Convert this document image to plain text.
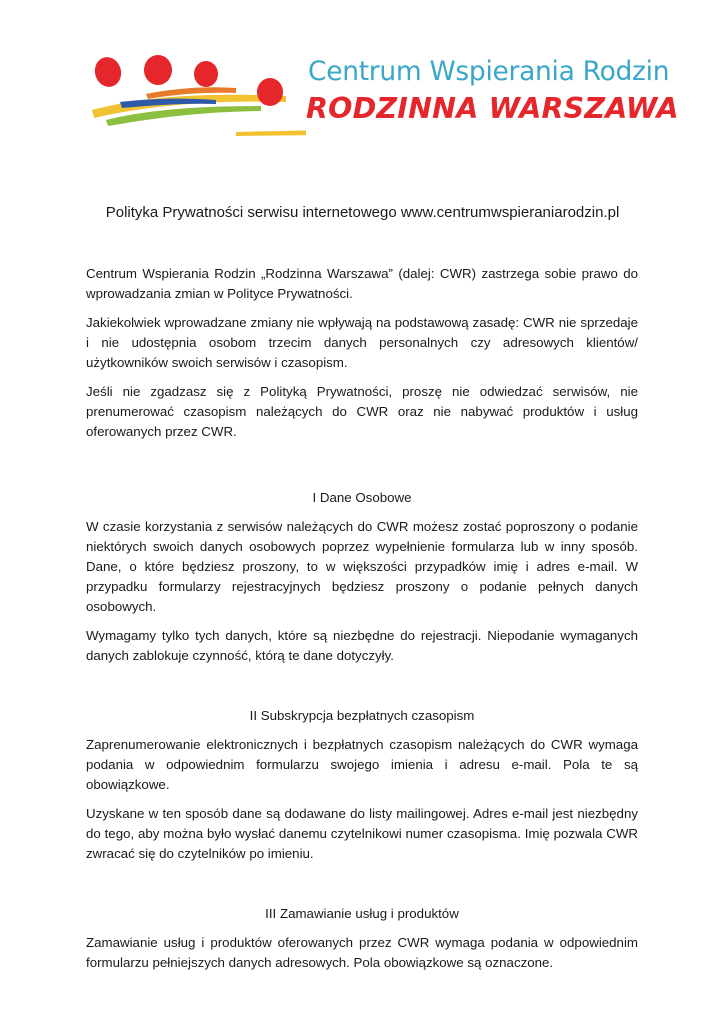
Centrum Wspierania Rodzin
RODZINNA WARSZAWA
Polityka Prywatności serwisu internetowego www.centrumwspieraniarodzin.pl

Centrum Wspierania Rodzin „Rodzinna Warszawa” (dalej: CWR) zastrzega sobie prawo do wprowadzania zmian w Polityce Prywatności.

Jakiekolwiek wprowadzane zmiany nie wpływają na podstawową zasadę: CWR nie sprzedaje i nie udostępnia osobom trzecim danych personalnych czy adresowych klientów/ użytkowników swoich serwisów i czasopism.

Jeśli nie zgadzasz się z Polityką Prywatności, proszę nie odwiedzać serwisów, nie prenumerować czasopism należących do CWR oraz nie nabywać produktów i usług oferowanych przez CWR.

I Dane Osobowe

W czasie korzystania z serwisów należących do CWR możesz zostać poproszony o podanie niektórych swoich danych osobowych poprzez wypełnienie formularza lub w inny sposób. Dane, o które będziesz proszony, to w większości przypadków imię i adres e-mail. W przypadku formularzy rejestracyjnych będziesz proszony o podanie pełnych danych osobowych.

Wymagamy tylko tych danych, które są niezbędne do rejestracji. Niepodanie wymaganych danych zablokuje czynność, którą te dane dotyczyły.

II Subskrypcja bezpłatnych czasopism

Zaprenumerowanie elektronicznych i bezpłatnych czasopism należących do CWR wymaga podania w odpowiednim formularzu swojego imienia i adresu e-mail. Pola te są obowiązkowe.

Uzyskane w ten sposób dane są dodawane do listy mailingowej. Adres e-mail jest niezbędny do tego, aby można było wysłać danemu czytelnikowi numer czasopisma. Imię pozwala CWR zwracać się do czytelników po imieniu.

III Zamawianie usług i produktów

Zamawianie usług i produktów oferowanych przez CWR wymaga podania w odpowiednim formularzu pełniejszych danych adresowych. Pola obowiązkowe są oznaczone.
